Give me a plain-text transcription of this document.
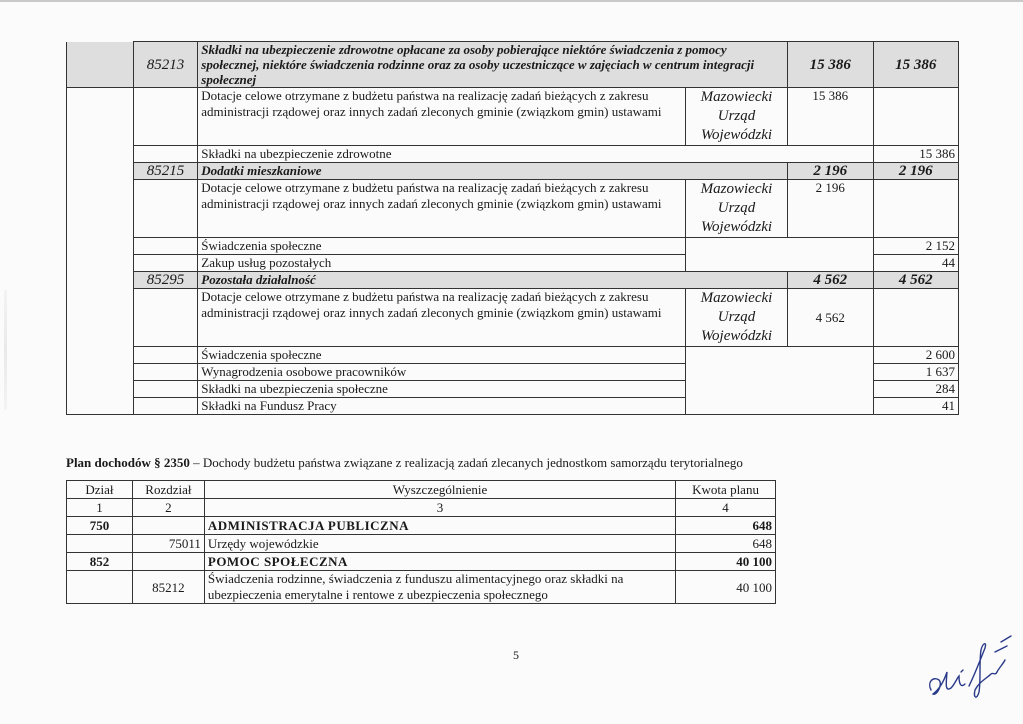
	85213	Składki na ubezpieczenie zdrowotne opłacane za osoby pobierające niektóre świadczenia z pomocy społecznej, niektóre świadczenia rodzinne oraz za osoby uczestniczące w zajęciach w centrum integracji społecznej		15 386	15 386
		Dotacje celowe otrzymane z budżetu państwa na realizację zadań bieżących z zakresu administracji rządowej oraz innych zadań zleconych gminie (związkom gmin) ustawami	Mazowiecki
Urząd
Wojewódzki	15 386	
		Składki na ubezpieczenie zdrowotne			15 386
	85215	Dodatki mieszkaniowe		2 196	2 196
		Dotacje celowe otrzymane z budżetu państwa na realizację zadań bieżących z zakresu administracji rządowej oraz innych zadań zleconych gminie (związkom gmin) ustawami	Mazowiecki
Urząd
Wojewódzki	2 196	
		Świadczenia społeczne			2 152
		Zakup usług pozostałych			44
	85295	Pozostała działalność		4 562	4 562
		Dotacje celowe otrzymane z budżetu państwa na realizację zadań bieżących z zakresu administracji rządowej oraz innych zadań zleconych gminie (związkom gmin) ustawami	Mazowiecki
Urząd
Wojewódzki	4 562	
		Świadczenia społeczne			2 600
		Wynagrodzenia osobowe pracowników			1 637
		Składki na ubezpieczenia społeczne			284
		Składki na Fundusz Pracy			41
Plan dochodów § 2350 – Dochody budżetu państwa związane z realizacją zadań zlecanych jednostkom samorządu terytorialnego
Dział	Rozdział	Wyszczególnienie	Kwota planu
1	2	3	4
750		ADMINISTRACJA PUBLICZNA	648
	75011	Urzędy wojewódzkie	648
852		POMOC SPOŁECZNA	40 100
	85212	Świadczenia rodzinne, świadczenia z funduszu alimentacyjnego oraz składki na ubezpieczenia emerytalne i rentowe z ubezpieczenia społecznego	40 100
5
